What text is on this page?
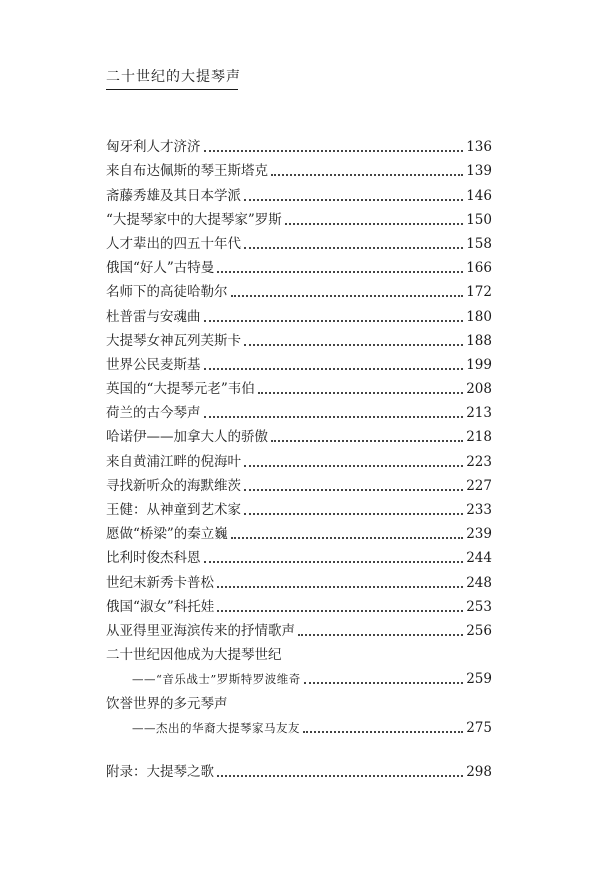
二十世纪的大提琴声
匈牙利人才济济	136
来自布达佩斯的琴王斯塔克	139
斋藤秀雄及其日本学派	146
“大提琴家中的大提琴家”罗斯	150
人才辈出的四五十年代	158
俄国“好人”古特曼	166
名师下的高徒哈勒尔	172
杜普雷与安魂曲	180
大提琴女神瓦列芙斯卡	188
世界公民麦斯基	199
英国的“大提琴元老”韦伯	208
荷兰的古今琴声	213
哈诺伊——加拿大人的骄傲	218
来自黄浦江畔的倪海叶	223
寻找新听众的海默维茨	227
王健：从神童到艺术家	233
愿做“桥梁”的秦立巍	239
比利时俊杰科恩	244
世纪末新秀卡普松	248
俄国“淑女”科托娃	253
从亚得里亚海滨传来的抒情歌声	256
二十世纪因他成为大提琴世纪
——“音乐战士”罗斯特罗波维奇	259
饮誉世界的多元琴声
——杰出的华裔大提琴家马友友	275
附录：大提琴之歌	298
